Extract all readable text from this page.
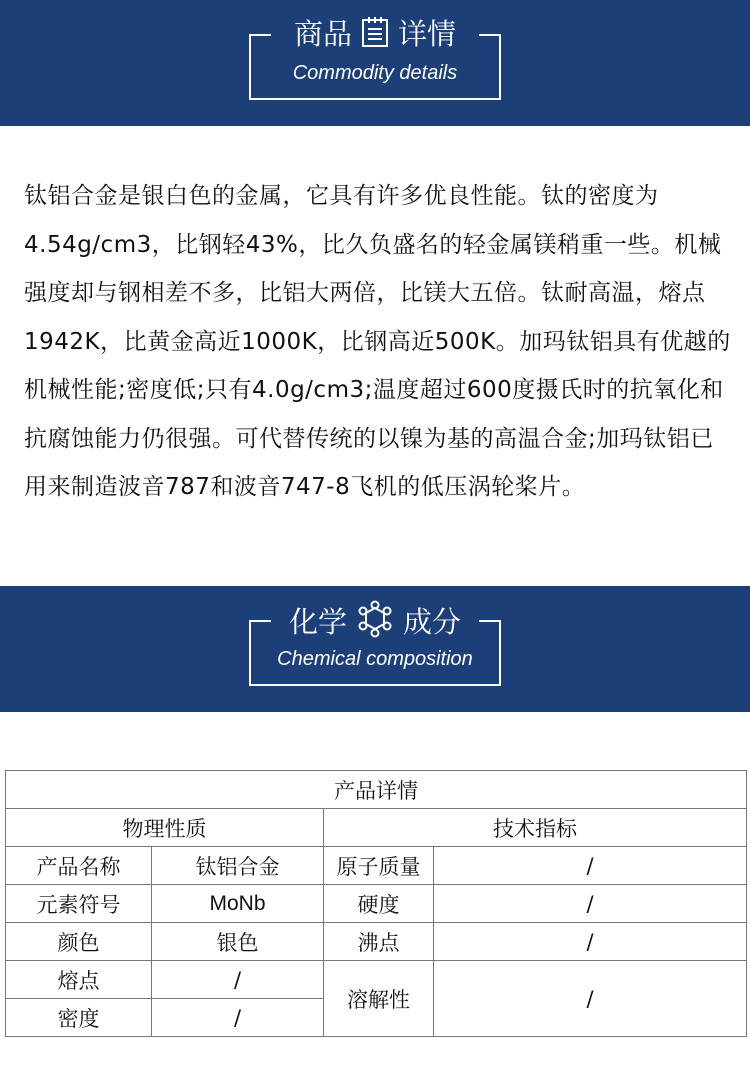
商品 详情
Commodity details

钛铝合金是银白色的金属，它具有许多优良性能。钛的密度为4.54g/cm3，比钢轻43%，比久负盛名的轻金属镁稍重一些。机械强度却与钢相差不多，比铝大两倍，比镁大五倍。钛耐高温，熔点1942K，比黄金高近1000K，比钢高近500K。加玛钛铝具有优越的机械性能;密度低;只有4.0g/cm3;温度超过600度摄氏时的抗氧化和抗腐蚀能力仍很强。可代替传统的以镍为基的高温合金;加玛钛铝已用来制造波音787和波音747-8飞机的低压涡轮桨片。

化学 成分
Chemical composition
产品详情			
物理性质		技术指标	
产品名称	钛铝合金	原子质量	/
元素符号	MoNb	硬度	/
颜色	银色	沸点	/
熔点	/	溶解性	/
密度	/		
